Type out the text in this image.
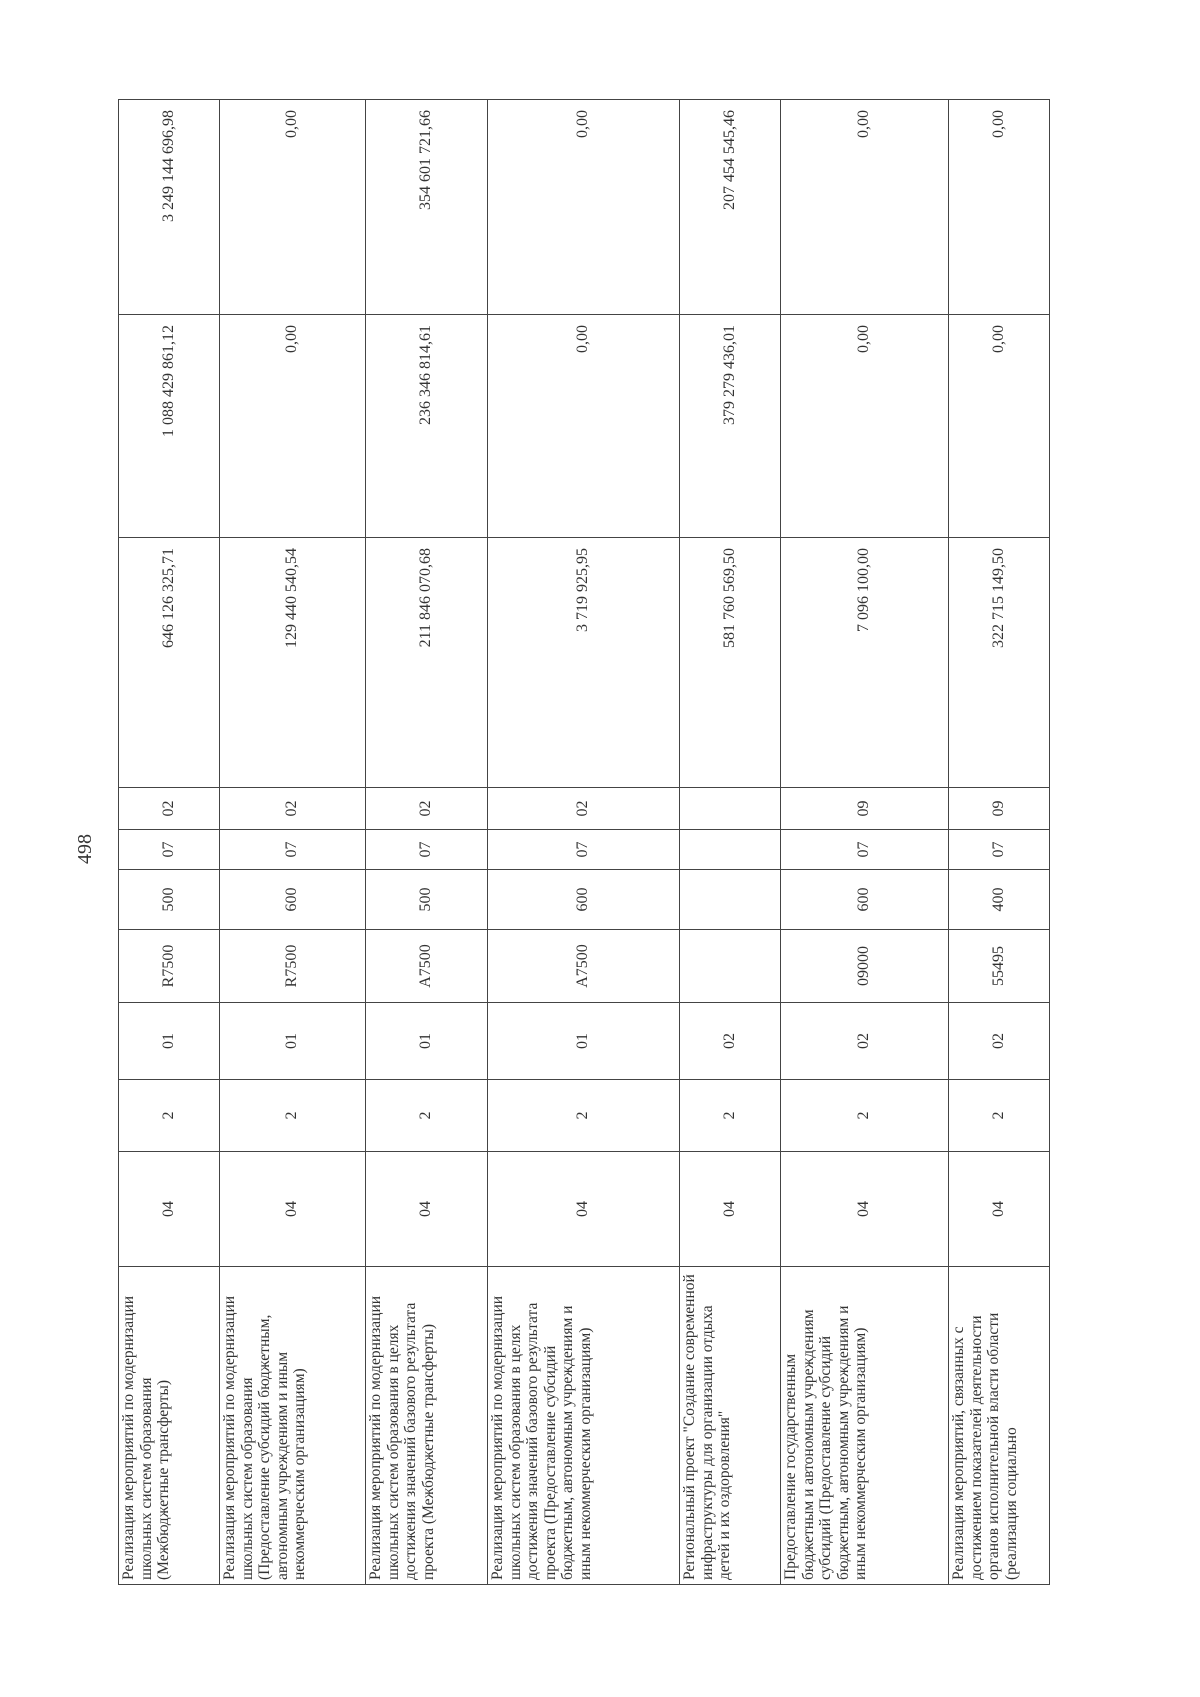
498
Реализация мероприятий по модернизации школьных систем образования (Межбюджетные трансферты)	04	2	01	R7500	500	07	02	646 126 325,71	1 088 429 861,12	3 249 144 696,98
Реализация мероприятий по модернизации школьных систем образования (Предоставление субсидий бюджетным, автономным учреждениям и иным некоммерческим организациям)	04	2	01	R7500	600	07	02	129 440 540,54	0,00	0,00
Реализация мероприятий по модернизации школьных систем образования в целях достижения значений базового результата проекта (Межбюджетные трансферты)	04	2	01	A7500	500	07	02	211 846 070,68	236 346 814,61	354 601 721,66
Реализация мероприятий по модернизации школьных систем образования в целях достижения значений базового результата проекта (Предоставление субсидий бюджетным, автономным учреждениям и иным некоммерческим организациям)	04	2	01	A7500	600	07	02	3 719 925,95	0,00	0,00
Региональный проект "Создание современной инфраструктуры для организации отдыха детей и их оздоровления"	04	2	02					581 760 569,50	379 279 436,01	207 454 545,46
Предоставление государственным бюджетным и автономным учреждениям субсидий (Предоставление субсидий бюджетным, автономным учреждениям и иным некоммерческим организациям)	04	2	02	09000	600	07	09	7 096 100,00	0,00	0,00
Реализация мероприятий, связанных с достижением показателей деятельности органов исполнительной власти области (реализация социально	04	2	02	55495	400	07	09	322 715 149,50	0,00	0,00
